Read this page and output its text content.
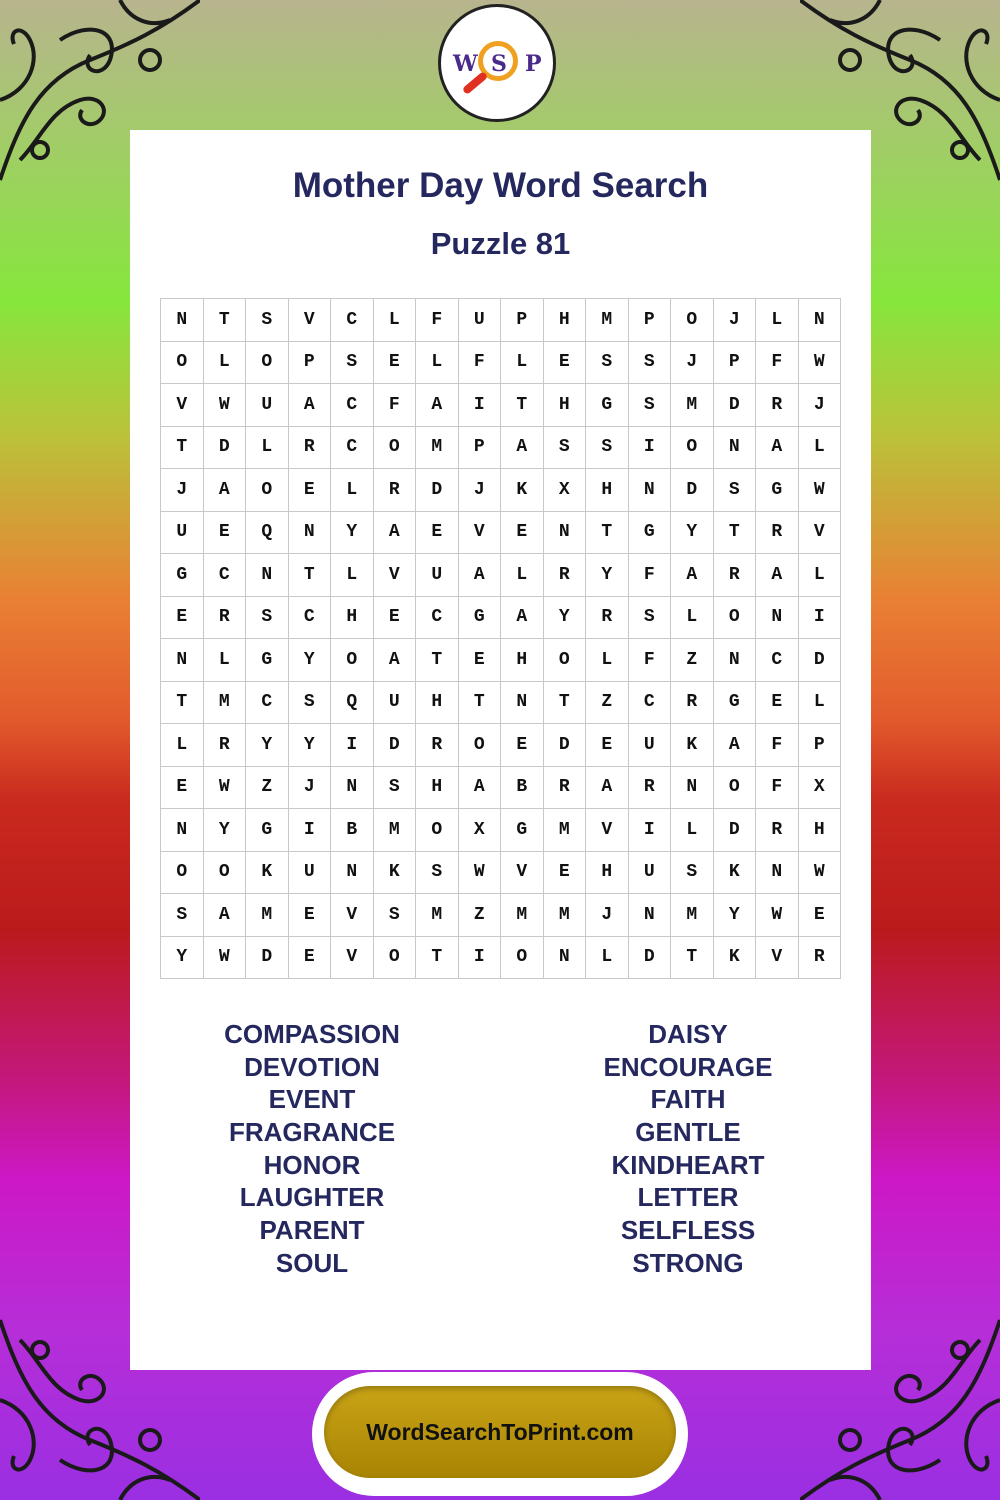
W S P
Mother Day Word Search
Puzzle 81
N	T	S	V	C	L	F	U	P	H	M	P	O	J	L	N
O	L	O	P	S	E	L	F	L	E	S	S	J	P	F	W
V	W	U	A	C	F	A	I	T	H	G	S	M	D	R	J
T	D	L	R	C	O	M	P	A	S	S	I	O	N	A	L
J	A	O	E	L	R	D	J	K	X	H	N	D	S	G	W
U	E	Q	N	Y	A	E	V	E	N	T	G	Y	T	R	V
G	C	N	T	L	V	U	A	L	R	Y	F	A	R	A	L
E	R	S	C	H	E	C	G	A	Y	R	S	L	O	N	I
N	L	G	Y	O	A	T	E	H	O	L	F	Z	N	C	D
T	M	C	S	Q	U	H	T	N	T	Z	C	R	G	E	L
L	R	Y	Y	I	D	R	O	E	D	E	U	K	A	F	P
E	W	Z	J	N	S	H	A	B	R	A	R	N	O	F	X
N	Y	G	I	B	M	O	X	G	M	V	I	L	D	R	H
O	O	K	U	N	K	S	W	V	E	H	U	S	K	N	W
S	A	M	E	V	S	M	Z	M	M	J	N	M	Y	W	E
Y	W	D	E	V	O	T	I	O	N	L	D	T	K	V	R
COMPASSION
DEVOTION
EVENT
FRAGRANCE
HONOR
LAUGHTER
PARENT
SOUL
DAISY
ENCOURAGE
FAITH
GENTLE
KINDHEART
LETTER
SELFLESS
STRONG
WordSearchToPrint.com
